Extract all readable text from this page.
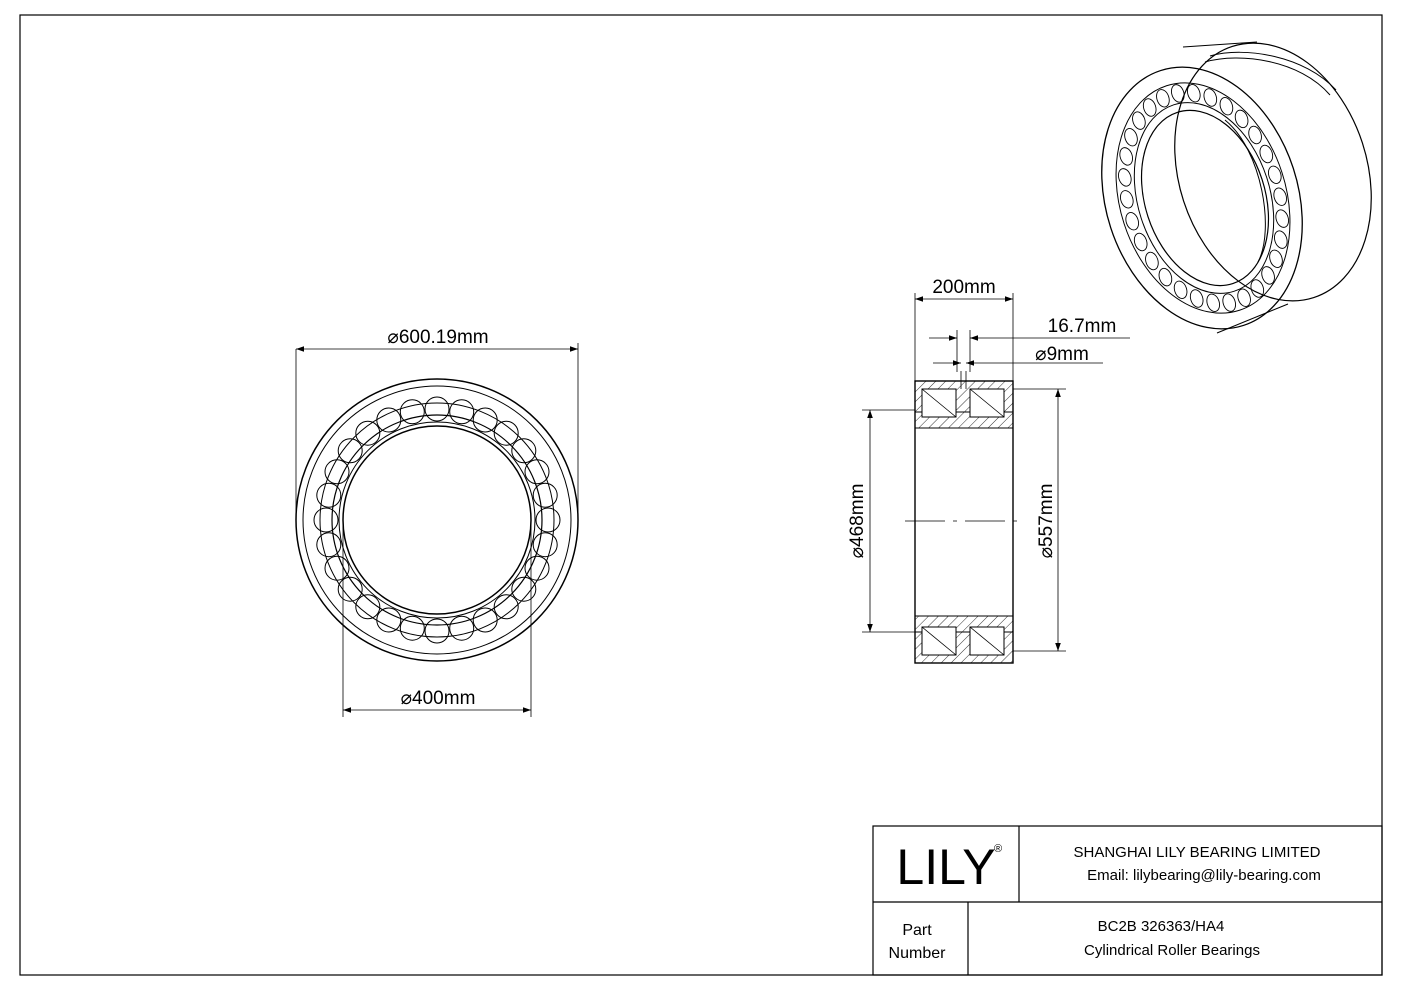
⌀600.19mm
⌀400mm
200mm
16.7mm
⌀9mm
⌀468mm
⌀557mm
LILY
®	SHANGHAI LILY BEARING LIMITED
Email: lilybearing@lily-bearing.com
Part
Number
BC2B 326363/HA4
Cylindrical Roller Bearings
